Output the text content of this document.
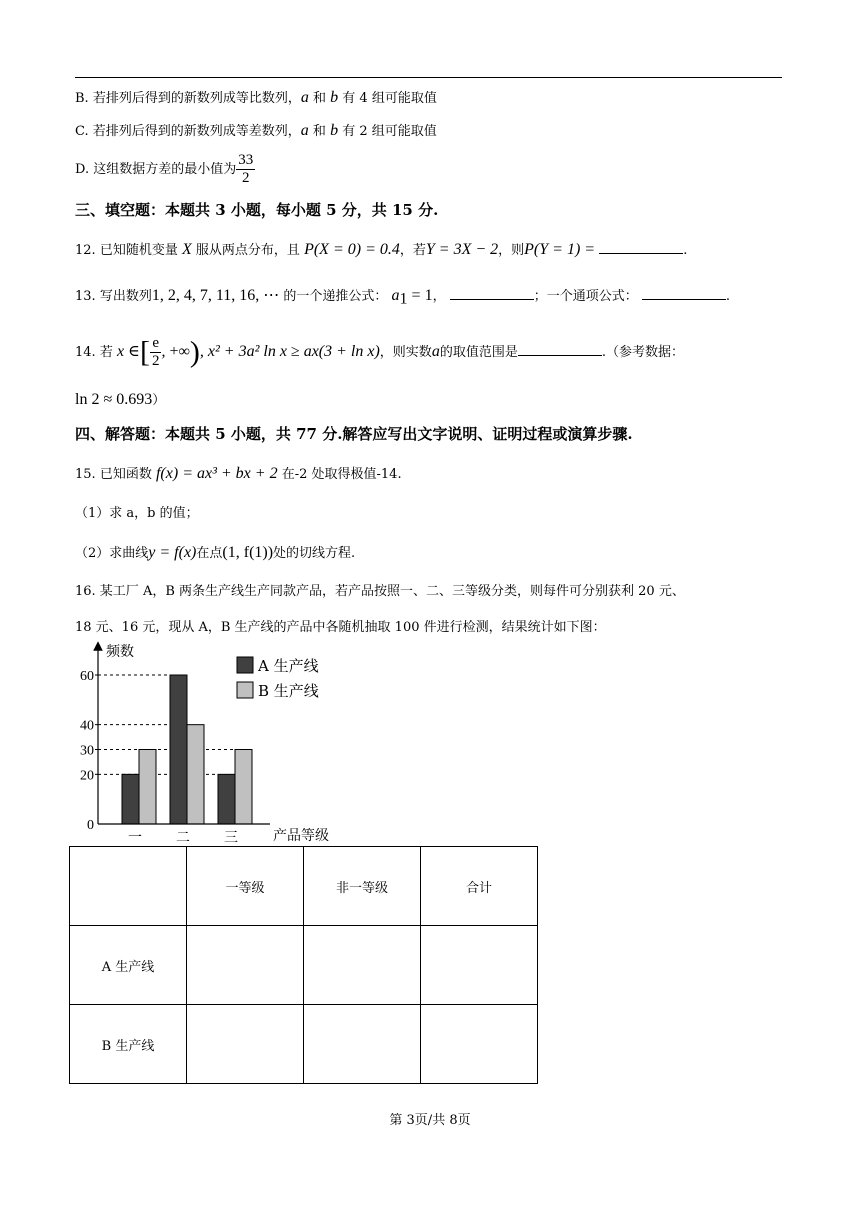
B. 若排列后得到的新数列成等比数列，a 和 b 有 4 组可能取值
C. 若排列后得到的新数列成等差数列，a 和 b 有 2 组可能取值
D. 这组数据方差的最小值为 $\frac{33}{2}$
三、填空题：本题共 3 小题，每小题 5 分，共 15 分.
12. 已知随机变量 X 服从两点分布，且 P(X = 0) = 0.4，若Y = 3X − 2，则P(Y = 1) =	.
13. 写出数列1, 2, 4, 7, 11, 16, ⋯ 的一个递推公式： $a_1 = 1$，	；一个通项公式：	.
14. 若 x ∈[ $\frac{e}{2}$ , +∞), x² + 3a² ln x ≥ ax(3 + ln x)，则实数a的取值范围是	.（参考数据：
ln 2 ≈ 0.693）
四、解答题：本题共 5 小题，共 77 分.解答应写出文字说明、证明过程或演算步骤.
15. 已知函数 f(x) = ax³ + bx + 2 在-2 处取得极值-14.
（1）求 a，b 的值；
（2）求曲线y = f(x)在点(1, f(1))处的切线方程.
16. 某工厂 A，B 两条生产线生产同款产品，若产品按照一、二、三等级分类，则每件可分别获利 20 元、
18 元、16 元，现从 A，B 生产线的产品中各随机抽取 100 件进行检测，结果统计如下图：
0
20
30
40
60
一 二 三
频数
产品等级
A 生产线
B 生产线
	一等级	非一等级	合计
A 生产线			
B 生产线			
第 3页/共 8页
